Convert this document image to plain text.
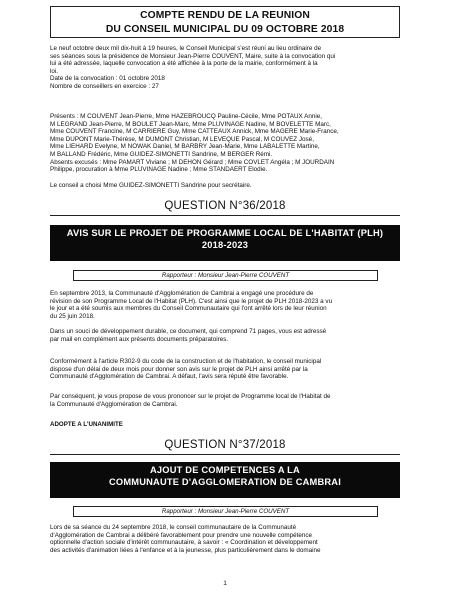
COMPTE RENDU DE LA REUNION
DU CONSEIL MUNICIPAL DU 09 OCTOBRE 2018

Le neuf octobre deux mil dix-huit à 19 heures, le Conseil Municipal s'est réuni au lieu ordinaire de
ses séances sous la présidence de Monsieur Jean-Pierre COUVENT, Maire, suite à la convocation qui
lui a été adressée, laquelle convocation a été affichée à la porte de la mairie, conformément à la
loi.
Date de la convocation : 01 octobre 2018
Nombre de conseillers en exercice : 27

Présents : M COUVENT Jean-Pierre, Mme HAZEBROUCQ Pauline-Cécile, Mme POTAUX Annie,
M LEGRAND Jean-Pierre, M BOULET Jean-Marc, Mme PLUVINAGE Nadine, M BOVELETTE Marc,
Mme COUVENT Francine, M CARRIERE Guy, Mme CATTEAUX Annick, Mme MAGERE Marie-France,
Mme DUPONT Marie-Thérèse, M DUMONT Christian, M LEVEQUE Pascal, M COUVEZ José,
Mme LIEHARD Evelyne, M NOWAK Daniel, M BARBRY Jean-Marie, Mme LABALETTE Martine,
M BALLAND Frédéric, Mme GUIDEZ-SIMONETTI Sandrine, M BERGER Rémi.
Absents excusés : Mme PAMART Viviane ; M DEHON Gérard ; Mme COVLET Angéla ; M JOURDAIN
Philippe, procuration à Mme PLUVINAGE Nadine ; Mme STANDAERT Elodie.

Le conseil a choisi Mme GUIDEZ-SIMONETTI Sandrine pour secrétaire.

QUESTION N°36/2018
AVIS SUR LE PROJET DE PROGRAMME LOCAL DE L'HABITAT (PLH)
2018-2023
Rapporteur : Monsieur Jean-Pierre COUVENT

En septembre 2013, la Communauté d'Agglomération de Cambrai a engagé une procédure de
révision de son Programme Local de l'Habitat (PLH). C'est ainsi que le projet de PLH 2018-2023 a vu
le jour et a été soumis aux membres du Conseil Communautaire qui l'ont arrêté lors de leur réunion
du 25 juin 2018.

Dans un souci de développement durable, ce document, qui comprend 71 pages, vous est adressé
par mail en complément aux présents documents préparatoires.

Conformément à l'article R302-9 du code de la construction et de l'habitation, le conseil municipal
dispose d'un délai de deux mois pour donner son avis sur le projet de PLH ainsi arrêté par la
Communauté d'Agglomération de Cambrai. A défaut, l'avis sera réputé être favorable.

Par conséquent, je vous propose de vous prononcer sur le projet de Programme local de l'Habitat de
la Communauté d'Agglomération de Cambrai.

ADOPTE A L'UNANIMITE
QUESTION N°37/2018
AJOUT DE COMPETENCES A LA
COMMUNAUTE D'AGGLOMERATION DE CAMBRAI
Rapporteur : Monsieur Jean-Pierre COUVENT

Lors de sa séance du 24 septembre 2018, le conseil communautaire de la Communauté
d'Agglomération de Cambrai a délibéré favorablement pour prendre une nouvelle compétence
optionnelle d'action sociale d'intérêt communautaire, à savoir : « Coordination et développement
des activités d'animation liées à l'enfance et à la jeunesse, plus particulièrement dans le domaine

1
